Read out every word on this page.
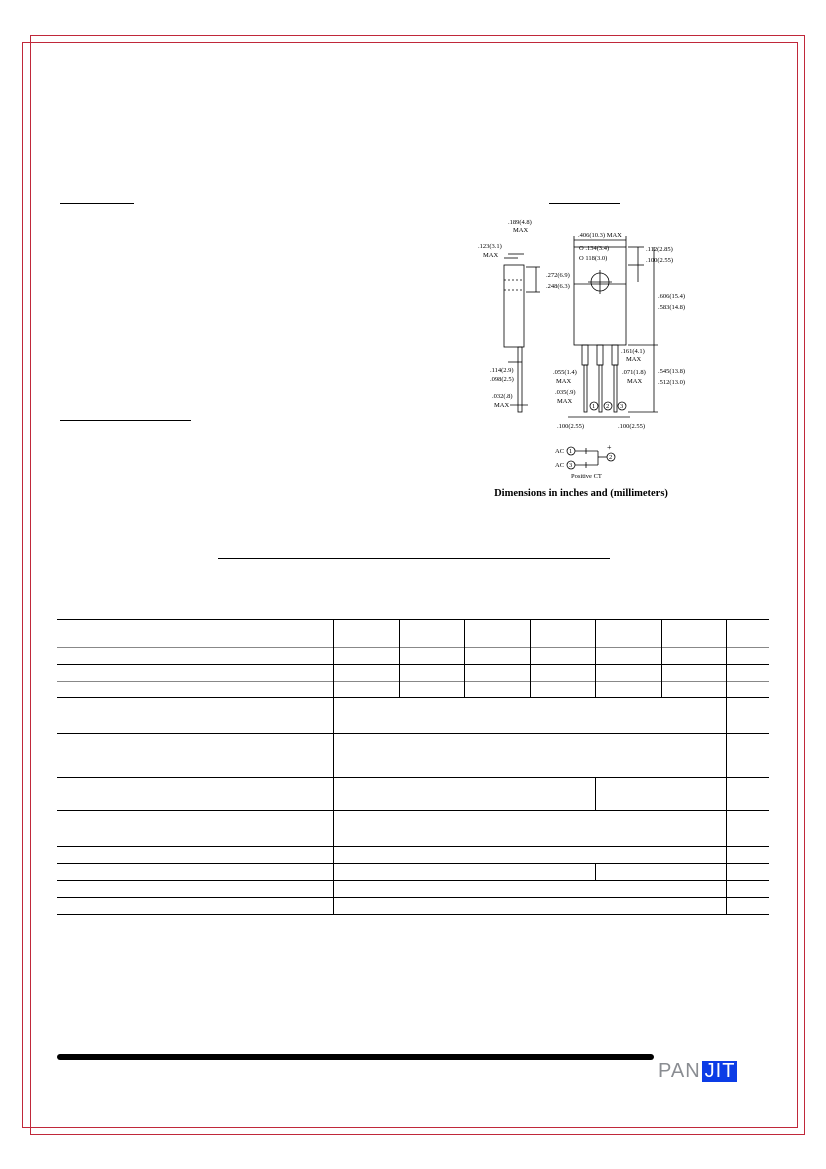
.189(4.8)
MAX
.123(3.1)
MAX
.272(6.9)
.248(6.3)
.114(2.9)
.098(2.5)
.032(.8)
MAX
.406(10.3) MAX
O .134(3.4)
O 118(3.0)
.112(2.85)
.100(2.55)
.606(15.4)
.583(14.8)
.161(4.1)
MAX
.055(1.4)
MAX
.071(1.8)
MAX
.545(13.8)
.512(13.0)
.035(.9)
MAX
.100(2.55)	.100(2.55)
1 2 3
AC
AC
1
3
2
+
Positive CT
Dimensions in inches and (millimeters)

PAN JIT
